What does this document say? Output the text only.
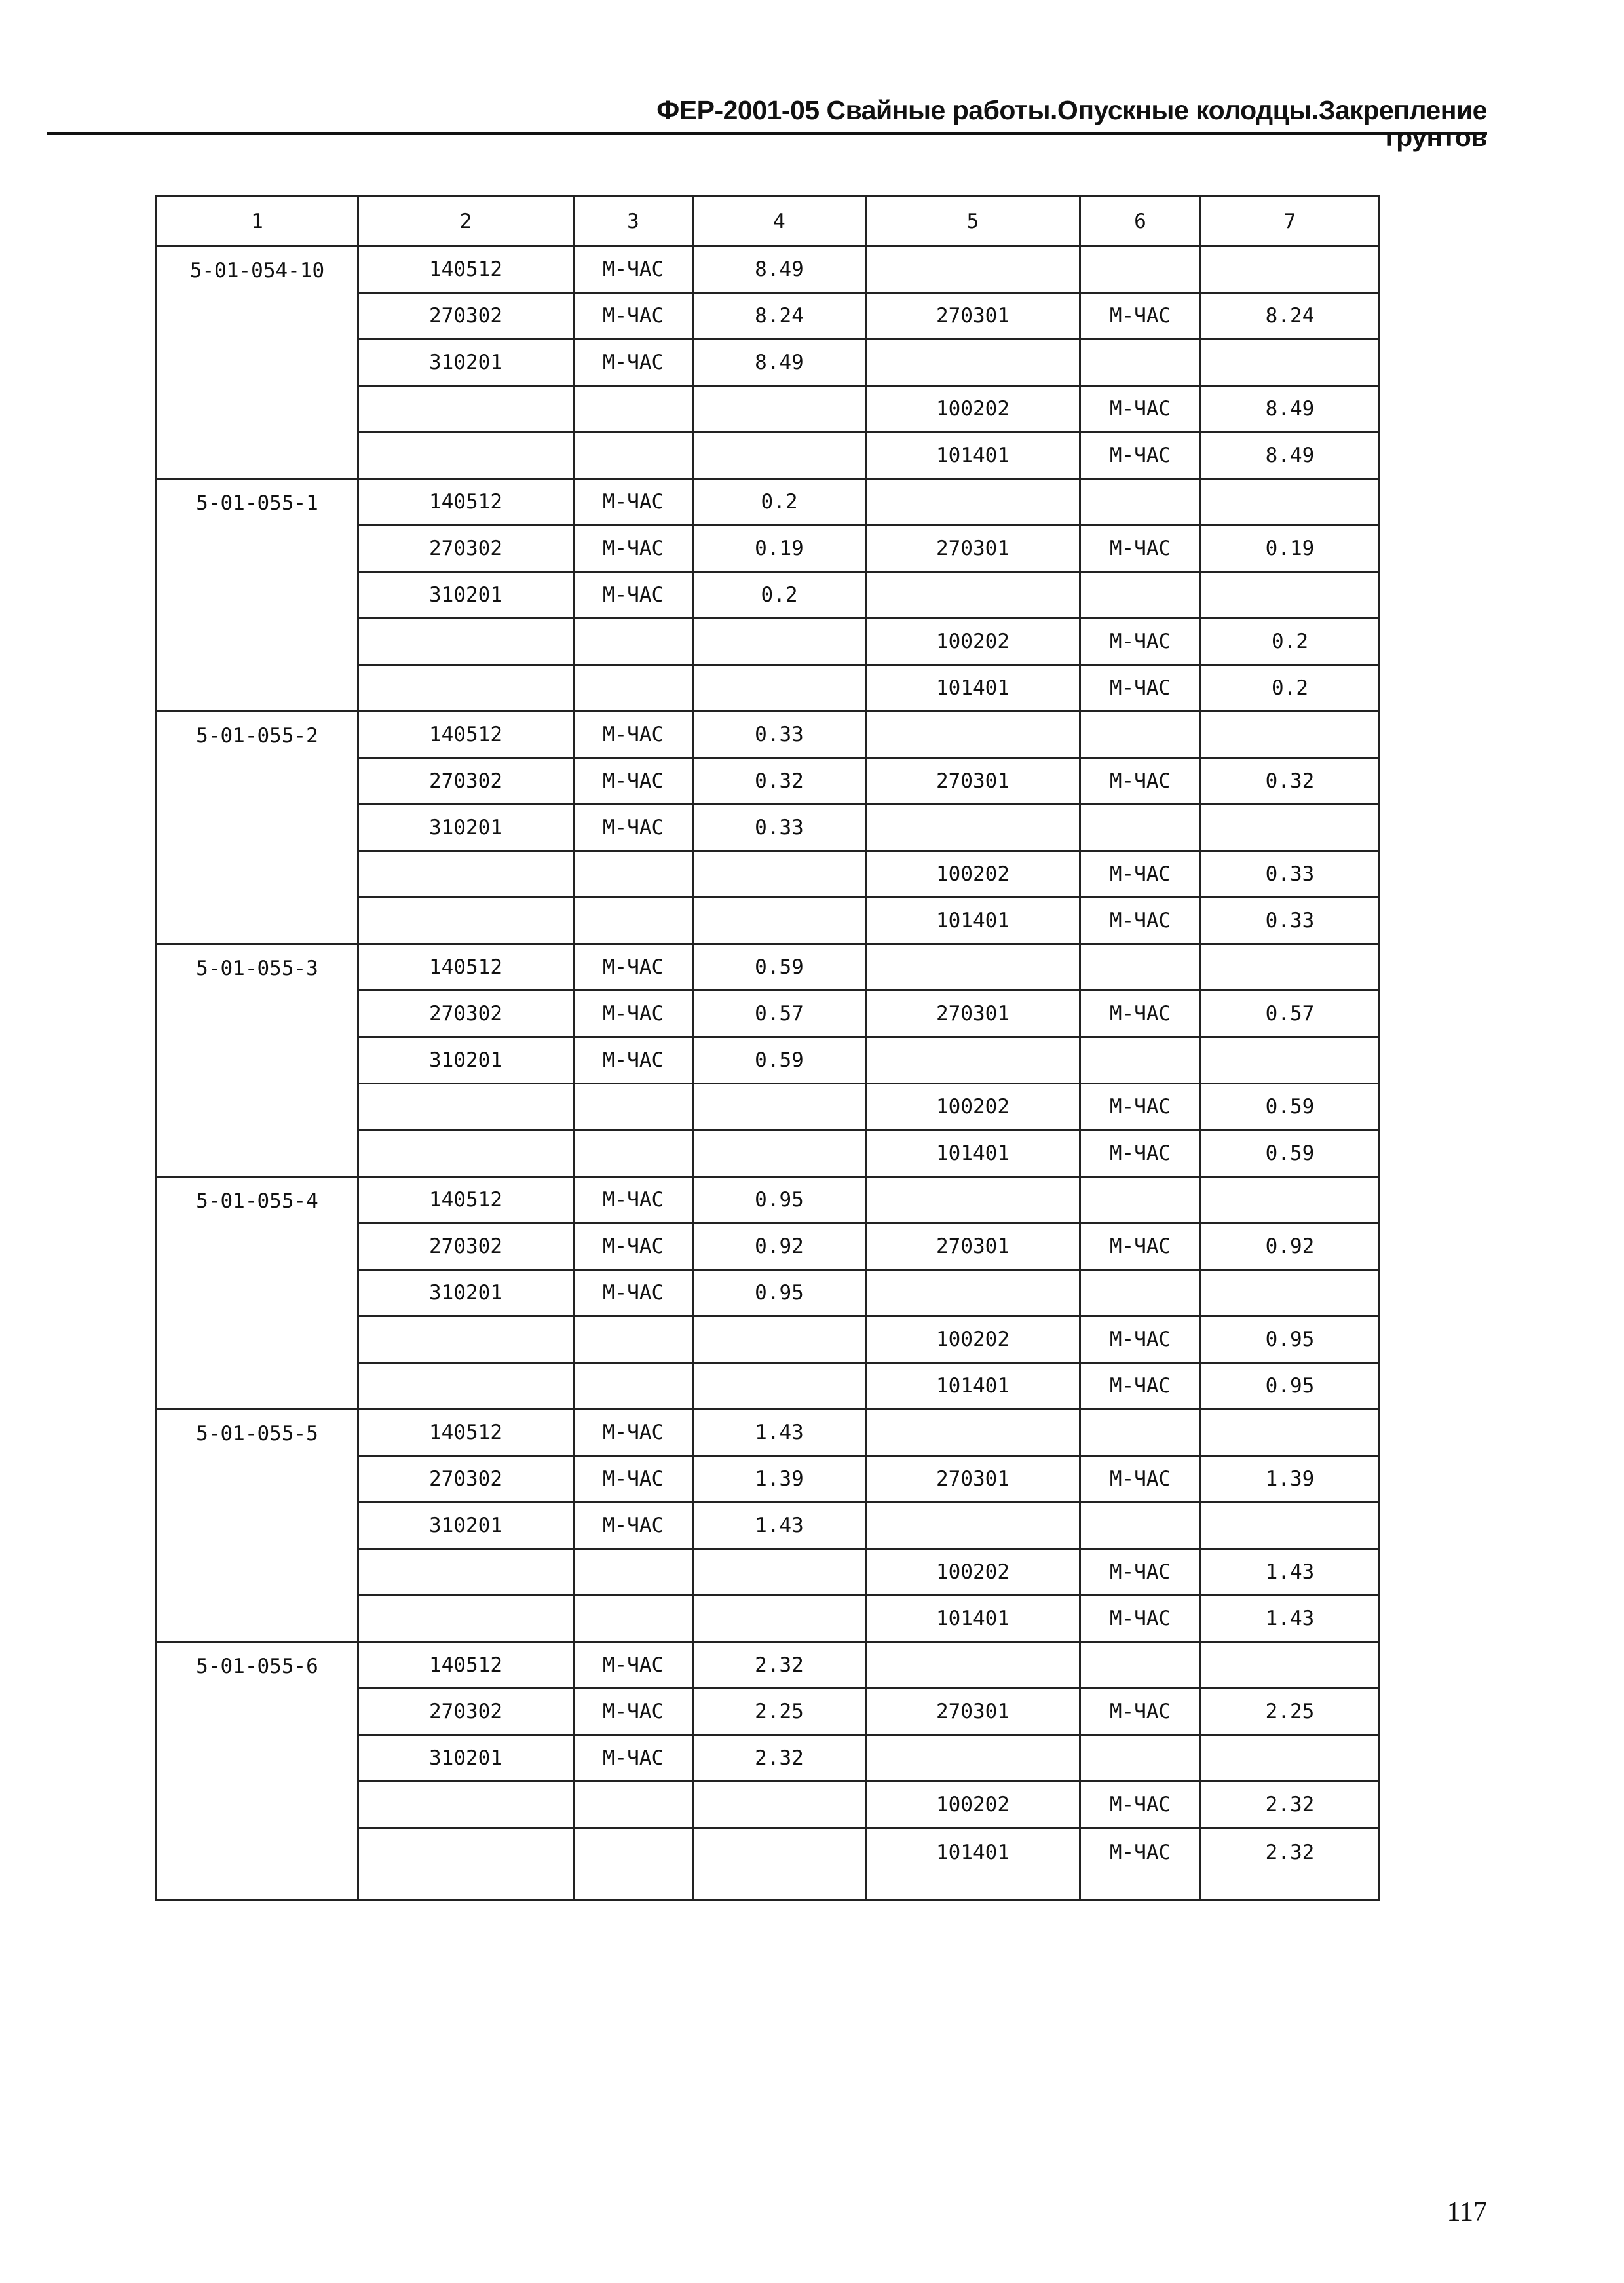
ФЕР-2001-05 Свайные работы.Опускные колодцы.Закрепление грунтов
1	2	3	4	5	6	7
5-01-054-10	140512	М-ЧАС	8.49			
	270302	М-ЧАС	8.24	270301	М-ЧАС	8.24
	310201	М-ЧАС	8.49			
				100202	М-ЧАС	8.49
				101401	М-ЧАС	8.49
5-01-055-1	140512	М-ЧАС	0.2			
	270302	М-ЧАС	0.19	270301	М-ЧАС	0.19
	310201	М-ЧАС	0.2			
				100202	М-ЧАС	0.2
				101401	М-ЧАС	0.2
5-01-055-2	140512	М-ЧАС	0.33			
	270302	М-ЧАС	0.32	270301	М-ЧАС	0.32
	310201	М-ЧАС	0.33			
				100202	М-ЧАС	0.33
				101401	М-ЧАС	0.33
5-01-055-3	140512	М-ЧАС	0.59			
	270302	М-ЧАС	0.57	270301	М-ЧАС	0.57
	310201	М-ЧАС	0.59			
				100202	М-ЧАС	0.59
				101401	М-ЧАС	0.59
5-01-055-4	140512	М-ЧАС	0.95			
	270302	М-ЧАС	0.92	270301	М-ЧАС	0.92
	310201	М-ЧАС	0.95			
				100202	М-ЧАС	0.95
				101401	М-ЧАС	0.95
5-01-055-5	140512	М-ЧАС	1.43			
	270302	М-ЧАС	1.39	270301	М-ЧАС	1.39
	310201	М-ЧАС	1.43			
				100202	М-ЧАС	1.43
				101401	М-ЧАС	1.43
5-01-055-6	140512	М-ЧАС	2.32			
	270302	М-ЧАС	2.25	270301	М-ЧАС	2.25
	310201	М-ЧАС	2.32			
				100202	М-ЧАС	2.32
				101401	М-ЧАС	2.32
117
